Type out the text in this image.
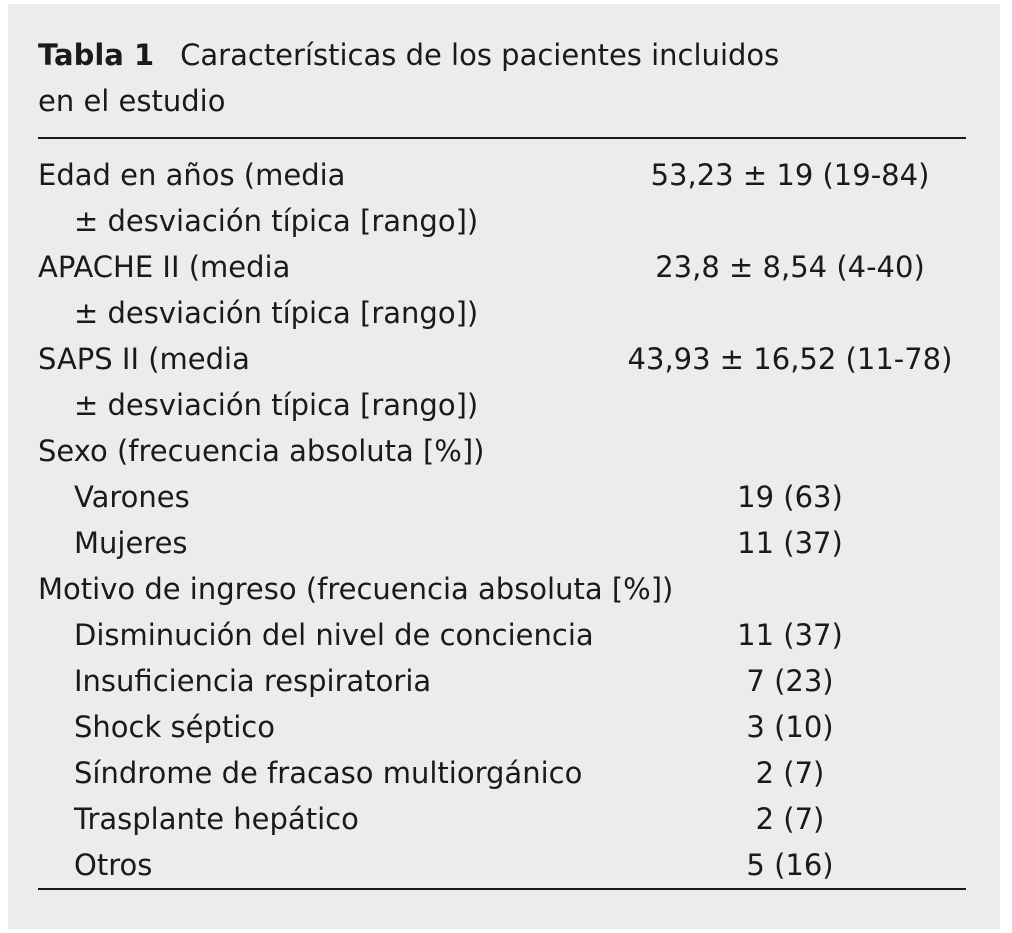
Tabla 1 Características de los pacientes incluidos
en el estudio
Edad en años (media	53,23 ± 19 (19-84)
± desviación típica [rango])
APACHE II (media	23,8 ± 8,54 (4-40)
± desviación típica [rango])
SAPS II (media	43,93 ± 16,52 (11-78)
± desviación típica [rango])
Sexo (frecuencia absoluta [%])
Varones	19 (63)
Mujeres	11 (37)
Motivo de ingreso (frecuencia absoluta [%])
Disminución del nivel de conciencia	11 (37)
Insuficiencia respiratoria	7 (23)
Shock séptico	3 (10)
Síndrome de fracaso multiorgánico	2 (7)
Trasplante hepático	2 (7)
Otros	5 (16)
